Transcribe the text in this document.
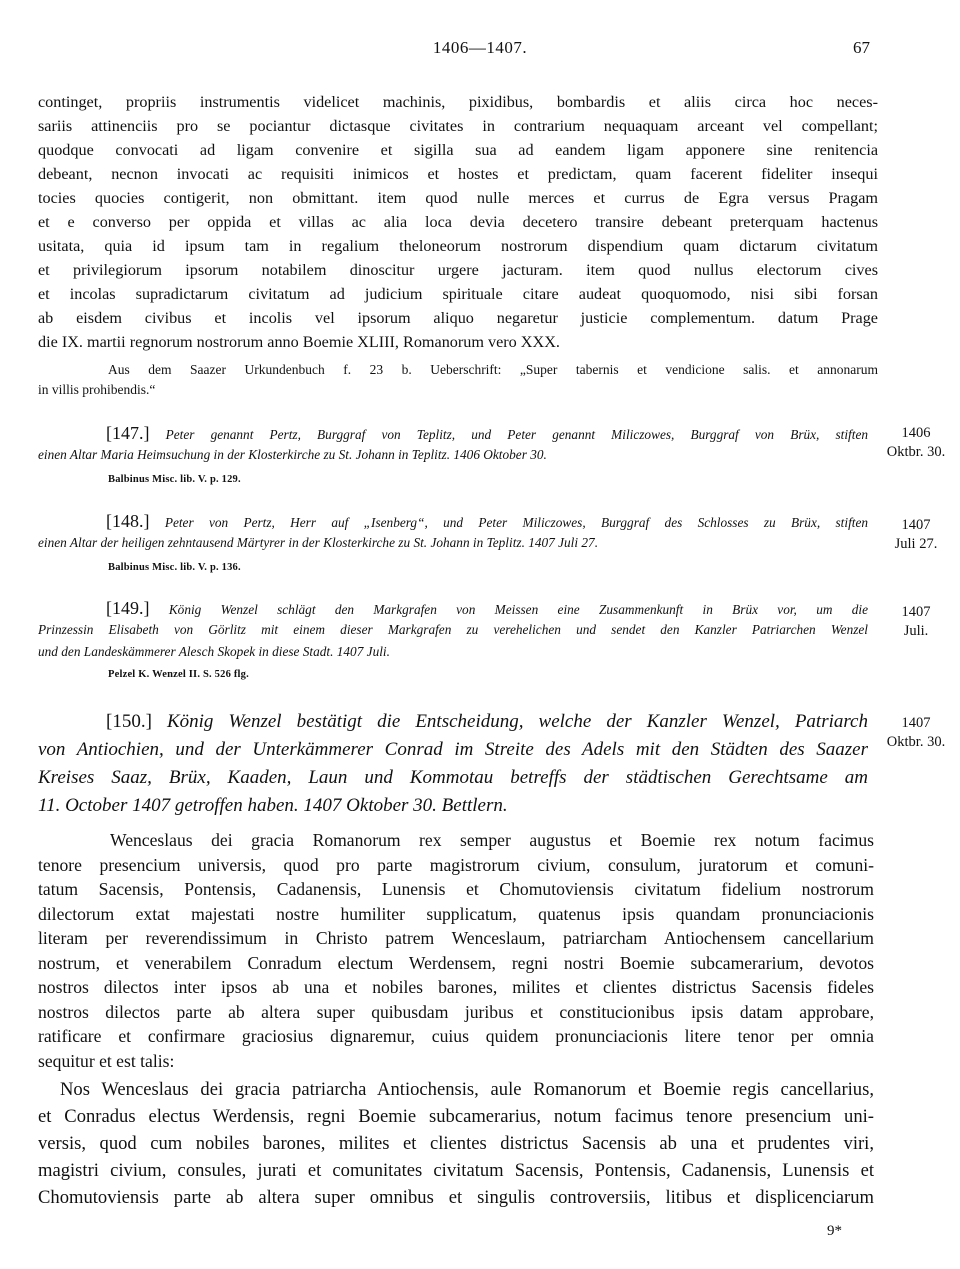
1406—1407.	67
continget, propriis instrumentis videlicet machinis, pixidibus, bombardis et aliis circa hoc neces-
sariis attinenciis pro se pociantur dictasque civitates in contrarium nequaquam arceant vel compellant;
quodque convocati ad ligam convenire et sigilla sua ad eandem ligam apponere sine renitencia
debeant, necnon invocati ac requisiti inimicos et hostes et predictam, quam facerent fideliter insequi
tocies quocies contigerit, non obmittant. item quod nulle merces et currus de Egra versus Pragam
et e converso per oppida et villas ac alia loca devia decetero transire debeant preterquam hactenus
usitata, quia id ipsum tam in regalium theloneorum nostrorum dispendium quam dictarum civitatum
et privilegiorum ipsorum notabilem dinoscitur urgere jacturam. item quod nullus electorum cives
et incolas supradictarum civitatum ad judicium spirituale citare audeat quoquomodo, nisi sibi forsan
ab eisdem civibus et incolis vel ipsorum aliquo negaretur justicie complementum. datum Prage
die IX. martii regnorum nostrorum anno Boemie XLIII, Romanorum vero XXX.
Aus dem Saazer Urkundenbuch f. 23 b. Ueberschrift: „Super tabernis et vendicione salis. et annonarum
in villis prohibendis.“
[147.] Peter genannt Pertz, Burggraf von Teplitz, und Peter genannt Miliczowes, Burggraf von Brüx, stiften
einen Altar Maria Heimsuchung in der Klosterkirche zu St. Johann in Teplitz. 1406 Oktober 30.
1406
Oktbr. 30.
Balbinus Misc. lib. V. p. 129.
[148.] Peter von Pertz, Herr auf „Isenberg“, und Peter Miliczowes, Burggraf des Schlosses zu Brüx, stiften
einen Altar der heiligen zehntausend Märtyrer in der Klosterkirche zu St. Johann in Teplitz. 1407 Juli 27.
1407
Juli 27.
Balbinus Misc. lib. V. p. 136.
[149.] König Wenzel schlägt den Markgrafen von Meissen eine Zusammenkunft in Brüx vor, um die
Prinzessin Elisabeth von Görlitz mit einem dieser Markgrafen zu verehelichen und sendet den Kanzler Patriarchen Wenzel
und den Landeskämmerer Alesch Skopek in diese Stadt. 1407 Juli.
1407
Juli.
Pelzel K. Wenzel II. S. 526 flg.
[150.] König Wenzel bestätigt die Entscheidung, welche der Kanzler Wenzel, Patriarch
von Antiochien, und der Unterkämmerer Conrad im Streite des Adels mit den Städten des Saazer
Kreises Saaz, Brüx, Kaaden, Laun und Kommotau betreffs der städtischen Gerechtsame am
11. October 1407 getroffen haben. 1407 Oktober 30. Bettlern.
1407
Oktbr. 30.
Wenceslaus dei gracia Romanorum rex semper augustus et Boemie rex notum facimus
tenore presencium universis, quod pro parte magistrorum civium, consulum, juratorum et comuni-
tatum Sacensis, Pontensis, Cadanensis, Lunensis et Chomutoviensis civitatum fidelium nostrorum
dilectorum extat majestati nostre humiliter supplicatum, quatenus ipsis quandam pronunciacionis
literam per reverendissimum in Christo patrem Wenceslaum, patriarcham Antiochensem cancellarium
nostrum, et venerabilem Conradum electum Werdensem, regni nostri Boemie subcamerarium, devotos
nostros dilectos inter ipsos ab una et nobiles barones, milites et clientes districtus Sacensis fideles
nostros dilectos parte ab altera super quibusdam juribus et constitucionibus ipsis datam approbare,
ratificare et confirmare graciosius dignaremur, cuius quidem pronunciacionis litere tenor per omnia
sequitur et est talis:
Nos Wenceslaus dei gracia patriarcha Antiochensis, aule Romanorum et Boemie regis cancellarius,
et Conradus electus Werdensis, regni Boemie subcamerarius, notum facimus tenore presencium uni-
versis, quod cum nobiles barones, milites et clientes districtus Sacensis ab una et prudentes viri,
magistri civium, consules, jurati et comunitates civitatum Sacensis, Pontensis, Cadanensis, Lunensis et
Chomutoviensis parte ab altera super omnibus et singulis controversiis, litibus et displicenciarum
9*
